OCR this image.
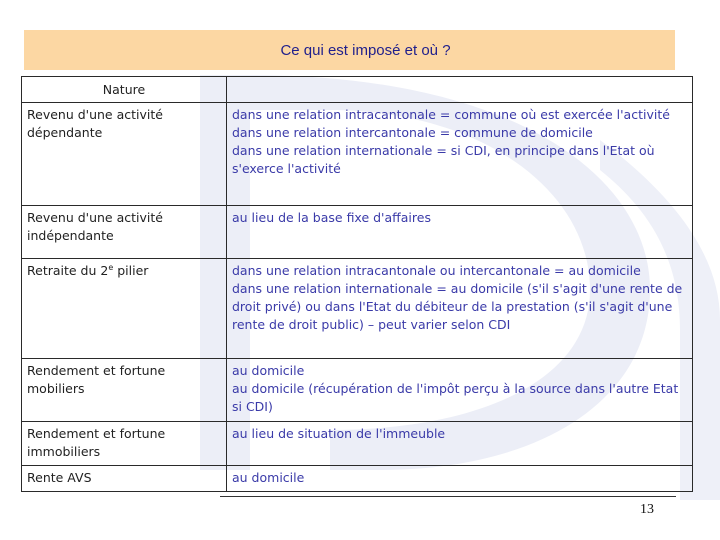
Ce qui est imposé et où ?
Nature	
Revenu d'une activité dépendante	dans une relation intracantonale = commune où est exercée l'activité
dans une relation intercantonale = commune de domicile
dans une relation internationale = si CDI, en principe dans l'Etat où s'exerce l'activité

Revenu d'une activité indépendante	au lieu de la base fixe d'affaires

Retraite du 2e pilier	dans une relation intracantonale ou intercantonale = au domicile
dans une relation internationale = au domicile (s'il s'agit d'une rente de droit privé) ou dans l'Etat du débiteur de la prestation (s'il s'agit d'une rente de droit public) – peut varier selon CDI

Rendement et fortune mobiliers	au domicile
au domicile (récupération de l'impôt perçu à la source dans l'autre Etat si CDI)

Rendement et fortune immobiliers	au lieu de situation de l'immeuble

Rente AVS	au domicile
13
